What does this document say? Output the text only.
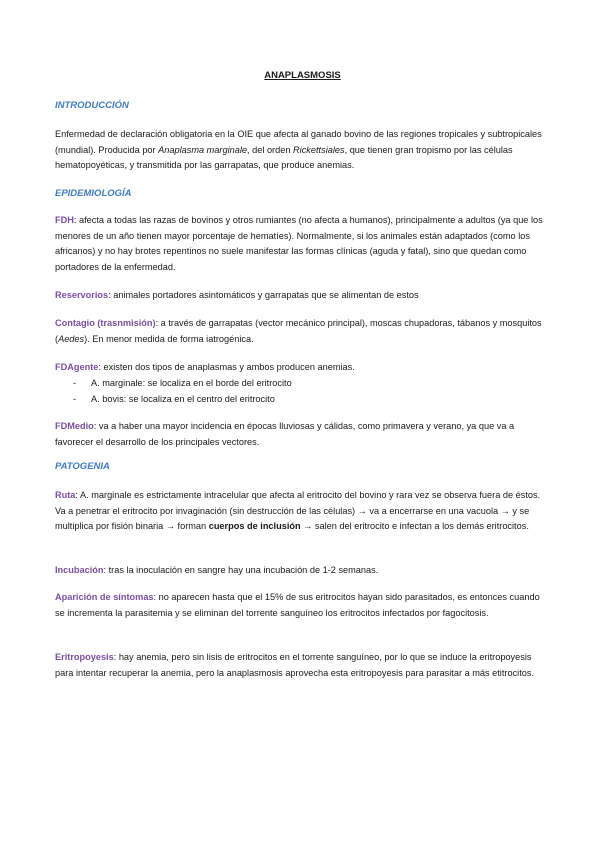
ANAPLASMOSIS
INTRODUCCIÓN
Enfermedad de declaración obligatoria en la OIE que afecta al ganado bovino de las regiones tropicales y subtropicales (mundial). Producida por Anaplasma marginale, del orden Rickettsiales, que tienen gran tropismo por las células hematopoyéticas, y transmitida por las garrapatas, que produce anemias.
EPIDEMIOLOGÍA
FDH: afecta a todas las razas de bovinos y otros rumiantes (no afecta a humanos), principalmente a adultos (ya que los menores de un año tienen mayor porcentaje de hematíes). Normalmente, si los animales están adaptados (como los africanos) y no hay brotes repentinos no suele manifestar las formas clínicas (aguda y fatal), sino que quedan como portadores de la enfermedad.
Reservorios: animales portadores asintomáticos y garrapatas que se alimentan de estos
Contagio (trasnmisión): a través de garrapatas (vector mecánico principal), moscas chupadoras, tábanos y mosquitos (Aedes). En menor medida de forma iatrogénica.
FDAgente: existen dos tipos de anaplasmas y ambos producen anemias.
- A. marginale: se localiza en el borde del eritrocito
- A. bovis: se localiza en el centro del eritrocito
FDMedio: va a haber una mayor incidencia en épocas lluviosas y cálidas, como primavera y verano, ya que va a favorecer el desarrollo de los principales vectores.
PATOGENIA
Ruta: A. marginale es estrictamente intracelular que afecta al eritrocito del bovino y rara vez se observa fuera de éstos. Va a penetrar el eritrocito por invaginación (sin destrucción de las células) → va a encerrarse en una vacuola → y se multiplica por fisión binaria → forman cuerpos de inclusión → salen del eritrocito e infectan a los demás eritrocitos.
Incubación: tras la inoculación en sangre hay una incubación de 1-2 semanas.
Aparición de síntomas: no aparecen hasta que el 15% de sus eritrocitos hayan sido parasitados, es entonces cuando se incrementa la parasitemia y se eliminan del torrente sanguíneo los eritrocitos infectados por fagocitosis.
Eritropoyesis: hay anemia, pero sin lisis de eritrocitos en el torrente sanguíneo, por lo que se induce la eritropoyesis para intentar recuperar la anemia, pero la anaplasmosis aprovecha esta eritropoyesis para parasitar a más etitrocitos.
